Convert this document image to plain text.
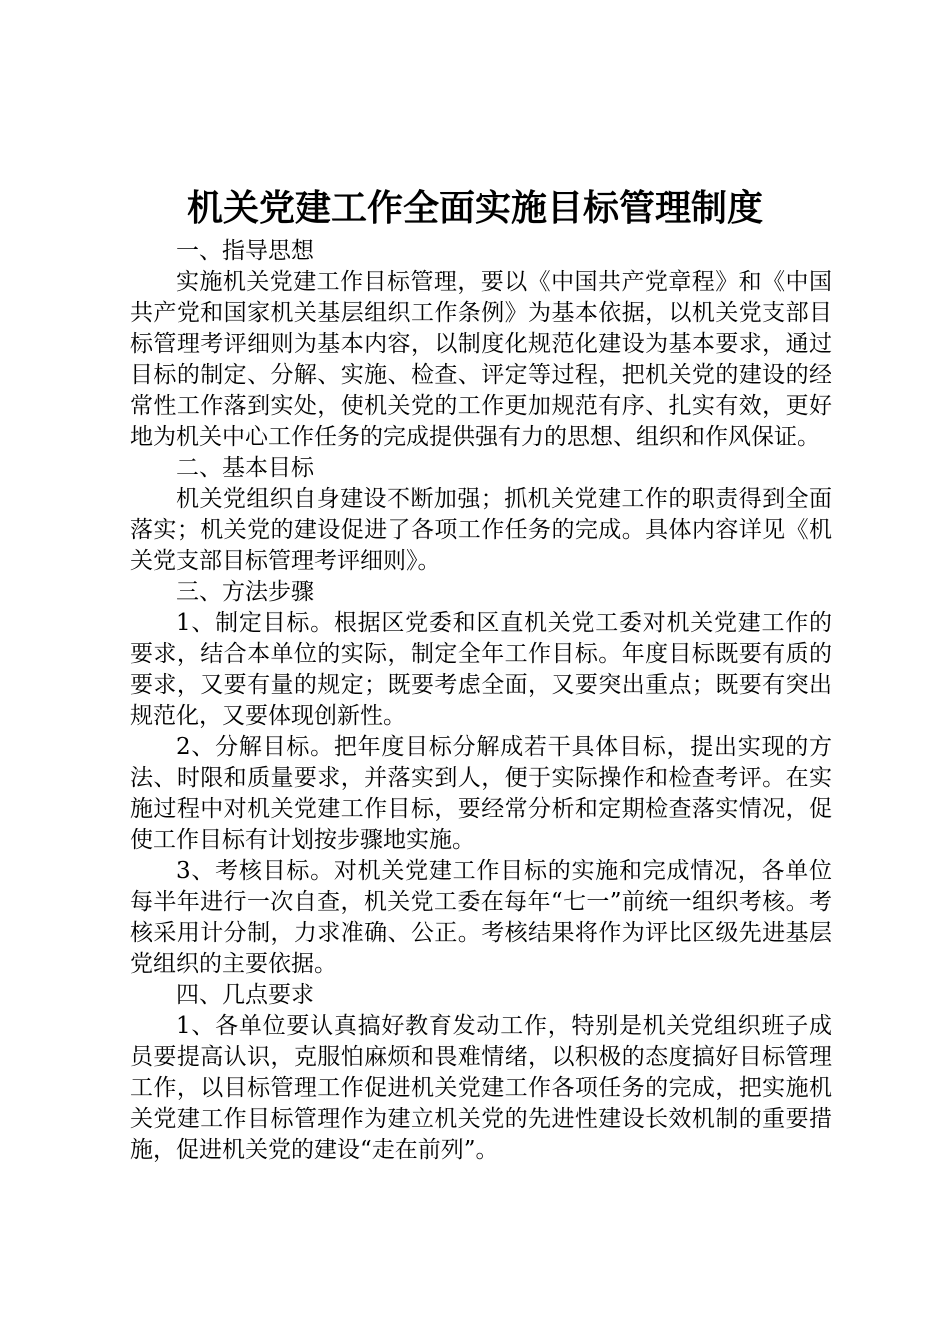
机关党建工作全面实施目标管理制度
一、指导思想

实施机关党建工作目标管理，要以《中国共产党章程》和《中国共产党和国家机关基层组织工作条例》为基本依据，以机关党支部目标管理考评细则为基本内容，以制度化规范化建设为基本要求，通过目标的制定、分解、实施、检查、评定等过程，把机关党的建设的经常性工作落到实处，使机关党的工作更加规范有序、扎实有效，更好地为机关中心工作任务的完成提供强有力的思想、组织和作风保证。

二、基本目标

机关党组织自身建设不断加强；抓机关党建工作的职责得到全面落实；机关党的建设促进了各项工作任务的完成。具体内容详见《机关党支部目标管理考评细则》。

三、方法步骤

1、制定目标。根据区党委和区直机关党工委对机关党建工作的要求，结合本单位的实际，制定全年工作目标。年度目标既要有质的要求，又要有量的规定；既要考虑全面，又要突出重点；既要有突出规范化，又要体现创新性。

2、分解目标。把年度目标分解成若干具体目标，提出实现的方法、时限和质量要求，并落实到人，便于实际操作和检查考评。在实施过程中对机关党建工作目标，要经常分析和定期检查落实情况，促使工作目标有计划按步骤地实施。

3、考核目标。对机关党建工作目标的实施和完成情况，各单位每半年进行一次自查，机关党工委在每年“七一”前统一组织考核。考核采用计分制，力求准确、公正。考核结果将作为评比区级先进基层党组织的主要依据。

四、几点要求

1、各单位要认真搞好教育发动工作，特别是机关党组织班子成员要提高认识，克服怕麻烦和畏难情绪，以积极的态度搞好目标管理工作，以目标管理工作促进机关党建工作各项任务的完成，把实施机关党建工作目标管理作为建立机关党的先进性建设长效机制的重要措施，促进机关党的建设“走在前列”。
